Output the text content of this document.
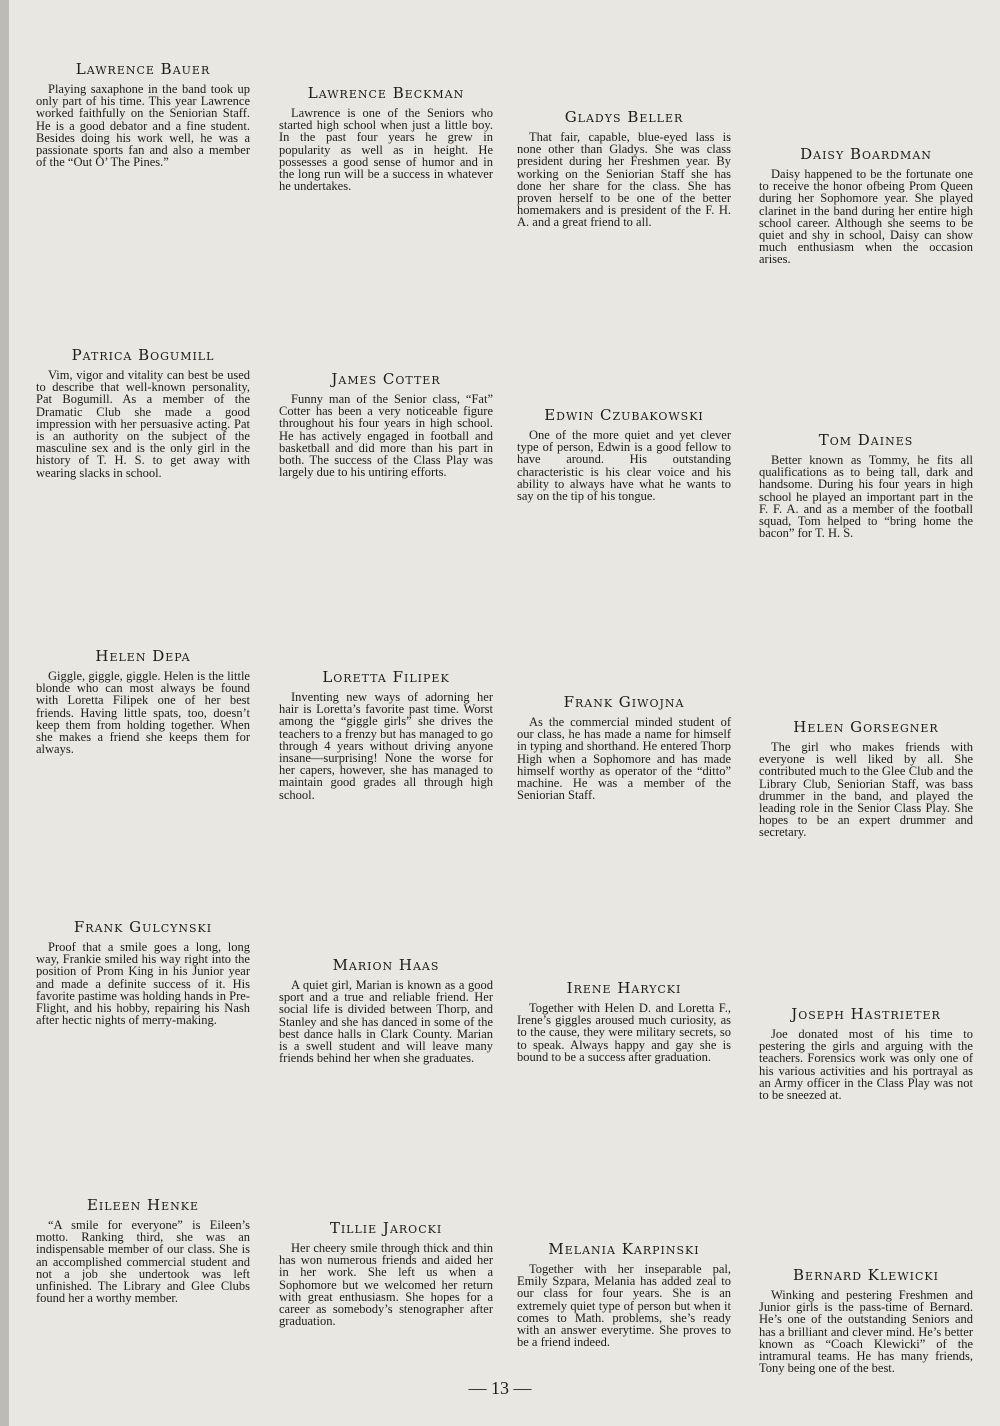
Lawrence Bauer

Playing saxaphone in the band took up only part of his time. This year Lawrence worked faithfully on the Seniorian Staff. He is a good debator and a fine student. Besides doing his work well, he was a passionate sports fan and also a member of the “Out O’ The Pines.”

Lawrence Beckman

Lawrence is one of the Seniors who started high school when just a little boy. In the past four years he grew in popularity as well as in height. He possesses a good sense of humor and in the long run will be a success in whatever he undertakes.

Gladys Beller

That fair, capable, blue-eyed lass is none other than Gladys. She was class president during her Freshmen year. By working on the Seniorian Staff she has done her share for the class. She has proven herself to be one of the better homemakers and is president of the F. H. A. and a great friend to all.

Daisy Boardman

Daisy happened to be the fortunate one to receive the honor ofbeing Prom Queen during her Sophomore year. She played clarinet in the band during her entire high school career. Although she seems to be quiet and shy in school, Daisy can show much enthusiasm when the occasion arises.

Patrica Bogumill

Vim, vigor and vitality can best be used to describe that well-known personality, Pat Bogumill. As a member of the Dramatic Club she made a good impression with her persuasive acting. Pat is an authority on the subject of the masculine sex and is the only girl in the history of T. H. S. to get away with wearing slacks in school.

James Cotter

Funny man of the Senior class, “Fat” Cotter has been a very noticeable figure throughout his four years in high school. He has actively engaged in football and basketball and did more than his part in both. The success of the Class Play was largely due to his untiring efforts.

Edwin Czubakowski

One of the more quiet and yet clever type of person, Edwin is a good fellow to have around. His outstanding characteristic is his clear voice and his ability to always have what he wants to say on the tip of his tongue.

Tom Daines

Better known as Tommy, he fits all qualifications as to being tall, dark and handsome. During his four years in high school he played an important part in the F. F. A. and as a member of the football squad, Tom helped to “bring home the bacon” for T. H. S.

Helen Depa

Giggle, giggle, giggle. Helen is the little blonde who can most always be found with Loretta Filipek one of her best friends. Having little spats, too, doesn’t keep them from holding together. When she makes a friend she keeps them for always.

Loretta Filipek

Inventing new ways of adorning her hair is Loretta’s favorite past time. Worst among the “giggle girls” she drives the teachers to a frenzy but has managed to go through 4 years without driving anyone insane—surprising! None the worse for her capers, however, she has managed to maintain good grades all through high school.

Frank Giwojna

As the commercial minded student of our class, he has made a name for himself in typing and shorthand. He entered Thorp High when a Sophomore and has made himself worthy as operator of the “ditto” machine. He was a member of the Seniorian Staff.

Helen Gorsegner

The girl who makes friends with everyone is well liked by all. She contributed much to the Glee Club and the Library Club, Seniorian Staff, was bass drummer in the band, and played the leading role in the Senior Class Play. She hopes to be an expert drummer and secretary.

Frank Gulcynski

Proof that a smile goes a long, long way, Frankie smiled his way right into the position of Prom King in his Junior year and made a definite success of it. His favorite pastime was holding hands in Pre-Flight, and his hobby, repairing his Nash after hectic nights of merry-making.

Marion Haas

A quiet girl, Marian is known as a good sport and a true and reliable friend. Her social life is divided between Thorp, and Stanley and she has danced in some of the best dance halls in Clark County. Marian is a swell student and will leave many friends behind her when she graduates.

Irene Harycki

Together with Helen D. and Loretta F., Irene’s giggles aroused much curiosity, as to the cause, they were military secrets, so to speak. Always happy and gay she is bound to be a success after graduation.

Joseph Hastrieter

Joe donated most of his time to pestering the girls and arguing with the teachers. Forensics work was only one of his various activities and his portrayal as an Army officer in the Class Play was not to be sneezed at.

Eileen Henke

“A smile for everyone” is Eileen’s motto. Ranking third, she was an indispensable member of our class. She is an accomplished commercial student and not a job she undertook was left unfinished. The Library and Glee Clubs found her a worthy member.

Tillie Jarocki

Her cheery smile through thick and thin has won numerous friends and aided her in her work. She left us when a Sophomore but we welcomed her return with great enthusiasm. She hopes for a career as somebody’s stenographer after graduation.

Melania Karpinski

Together with her inseparable pal, Emily Szpara, Melania has added zeal to our class for four years. She is an extremely quiet type of person but when it comes to Math. problems, she’s ready with an answer everytime. She proves to be a friend indeed.

Bernard Klewicki

Winking and pestering Freshmen and Junior girls is the pass-time of Bernard. He’s one of the outstanding Seniors and has a brilliant and clever mind. He’s better known as “Coach Klewicki” of the intramural teams. He has many friends, Tony being one of the best.

— 13 —
